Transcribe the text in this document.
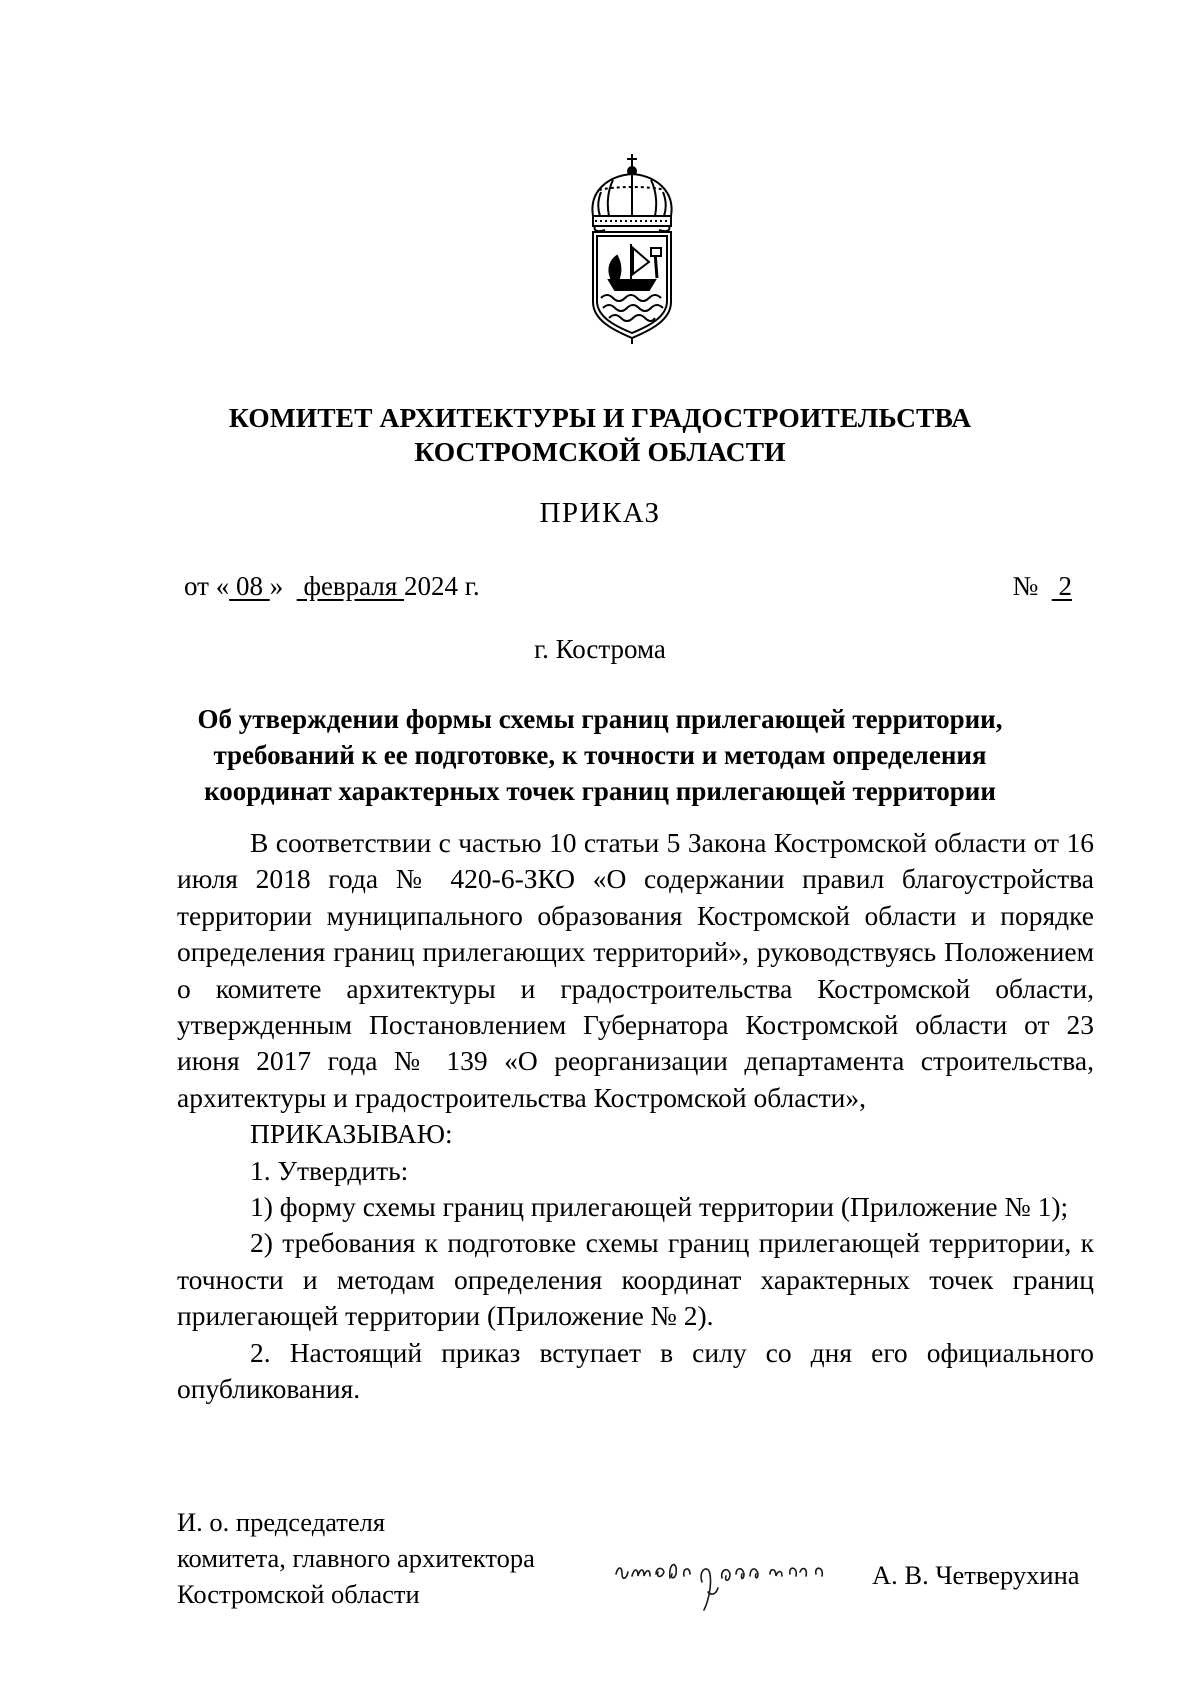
КОМИТЕТ АРХИТЕКТУРЫ И ГРАДОСТРОИТЕЛЬСТВА
КОСТРОМСКОЙ ОБЛАСТИ
ПРИКАЗ
от « 08 » февраля 2024 г.	№ 2
г. Кострома
Об утверждении формы схемы границ прилегающей территории,
требований к ее подготовке, к точности и методам определения
координат характерных точек границ прилегающей территории

В соответствии с частью 10 статьи 5 Закона Костромской области от 16 июля 2018 года № 420-6-ЗКО «О содержании правил благоустройства территории муниципального образования Костромской области и порядке определения границ прилегающих территорий», руководствуясь Положением о комитете архитектуры и градостроительства Костромской области, утвержденным Постановлением Губернатора Костромской области от 23 июня 2017 года № 139 «О реорганизации департамента строительства, архитектуры и градостроительства Костромской области»,

ПРИКАЗЫВАЮ:

1. Утвердить:

1) форму схемы границ прилегающей территории (Приложение № 1);

2) требования к подготовке схемы границ прилегающей территории, к точности и методам определения координат характерных точек границ прилегающей территории (Приложение № 2).

2. Настоящий приказ вступает в силу со дня его официального опубликования.

И. о. председателя
комитета, главного архитектора
Костромской области
А. В. Четверухина
